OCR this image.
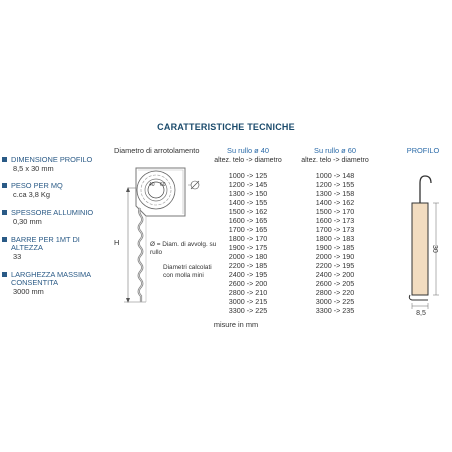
CARATTERISTICHE TECNICHE
DIMENSIONE PROFILO
8,5 x 30 mm
PESO PER MQ
c.ca 3,8 Kg
SPESSORE ALLUMINIO
0,30 mm
BARRE PER 1MT DI ALTEZZA
33
LARGHEZZA MASSIMA CONSENTITA
3000 mm
Diametro di arrotolamento
H
40 60
Ø = Diam. di avvolg. su rullo
Diametri calcolati con molla mini
Su rullo ø 40
altez. telo -> diametro
1000 -> 125
1200 -> 145
1300 -> 150
1400 -> 155
1500 -> 162
1600 -> 165
1700 -> 165
1800 -> 170
1900 -> 175
2000 -> 180
2200 -> 185
2400 -> 195
2600 -> 200
2800 -> 210
3000 -> 215
3300 -> 225
Su rullo ø 60
altez. telo -> diametro
1000 -> 148
1200 -> 155
1300 -> 158
1400 -> 162
1500 -> 170
1600 -> 173
1700 -> 173
1800 -> 183
1900 -> 185
2000 -> 190
2200 -> 195
2400 -> 200
2600 -> 205
2800 -> 220
3000 -> 225
3300 -> 235
misure in mm
PROFILO
30
8,5
